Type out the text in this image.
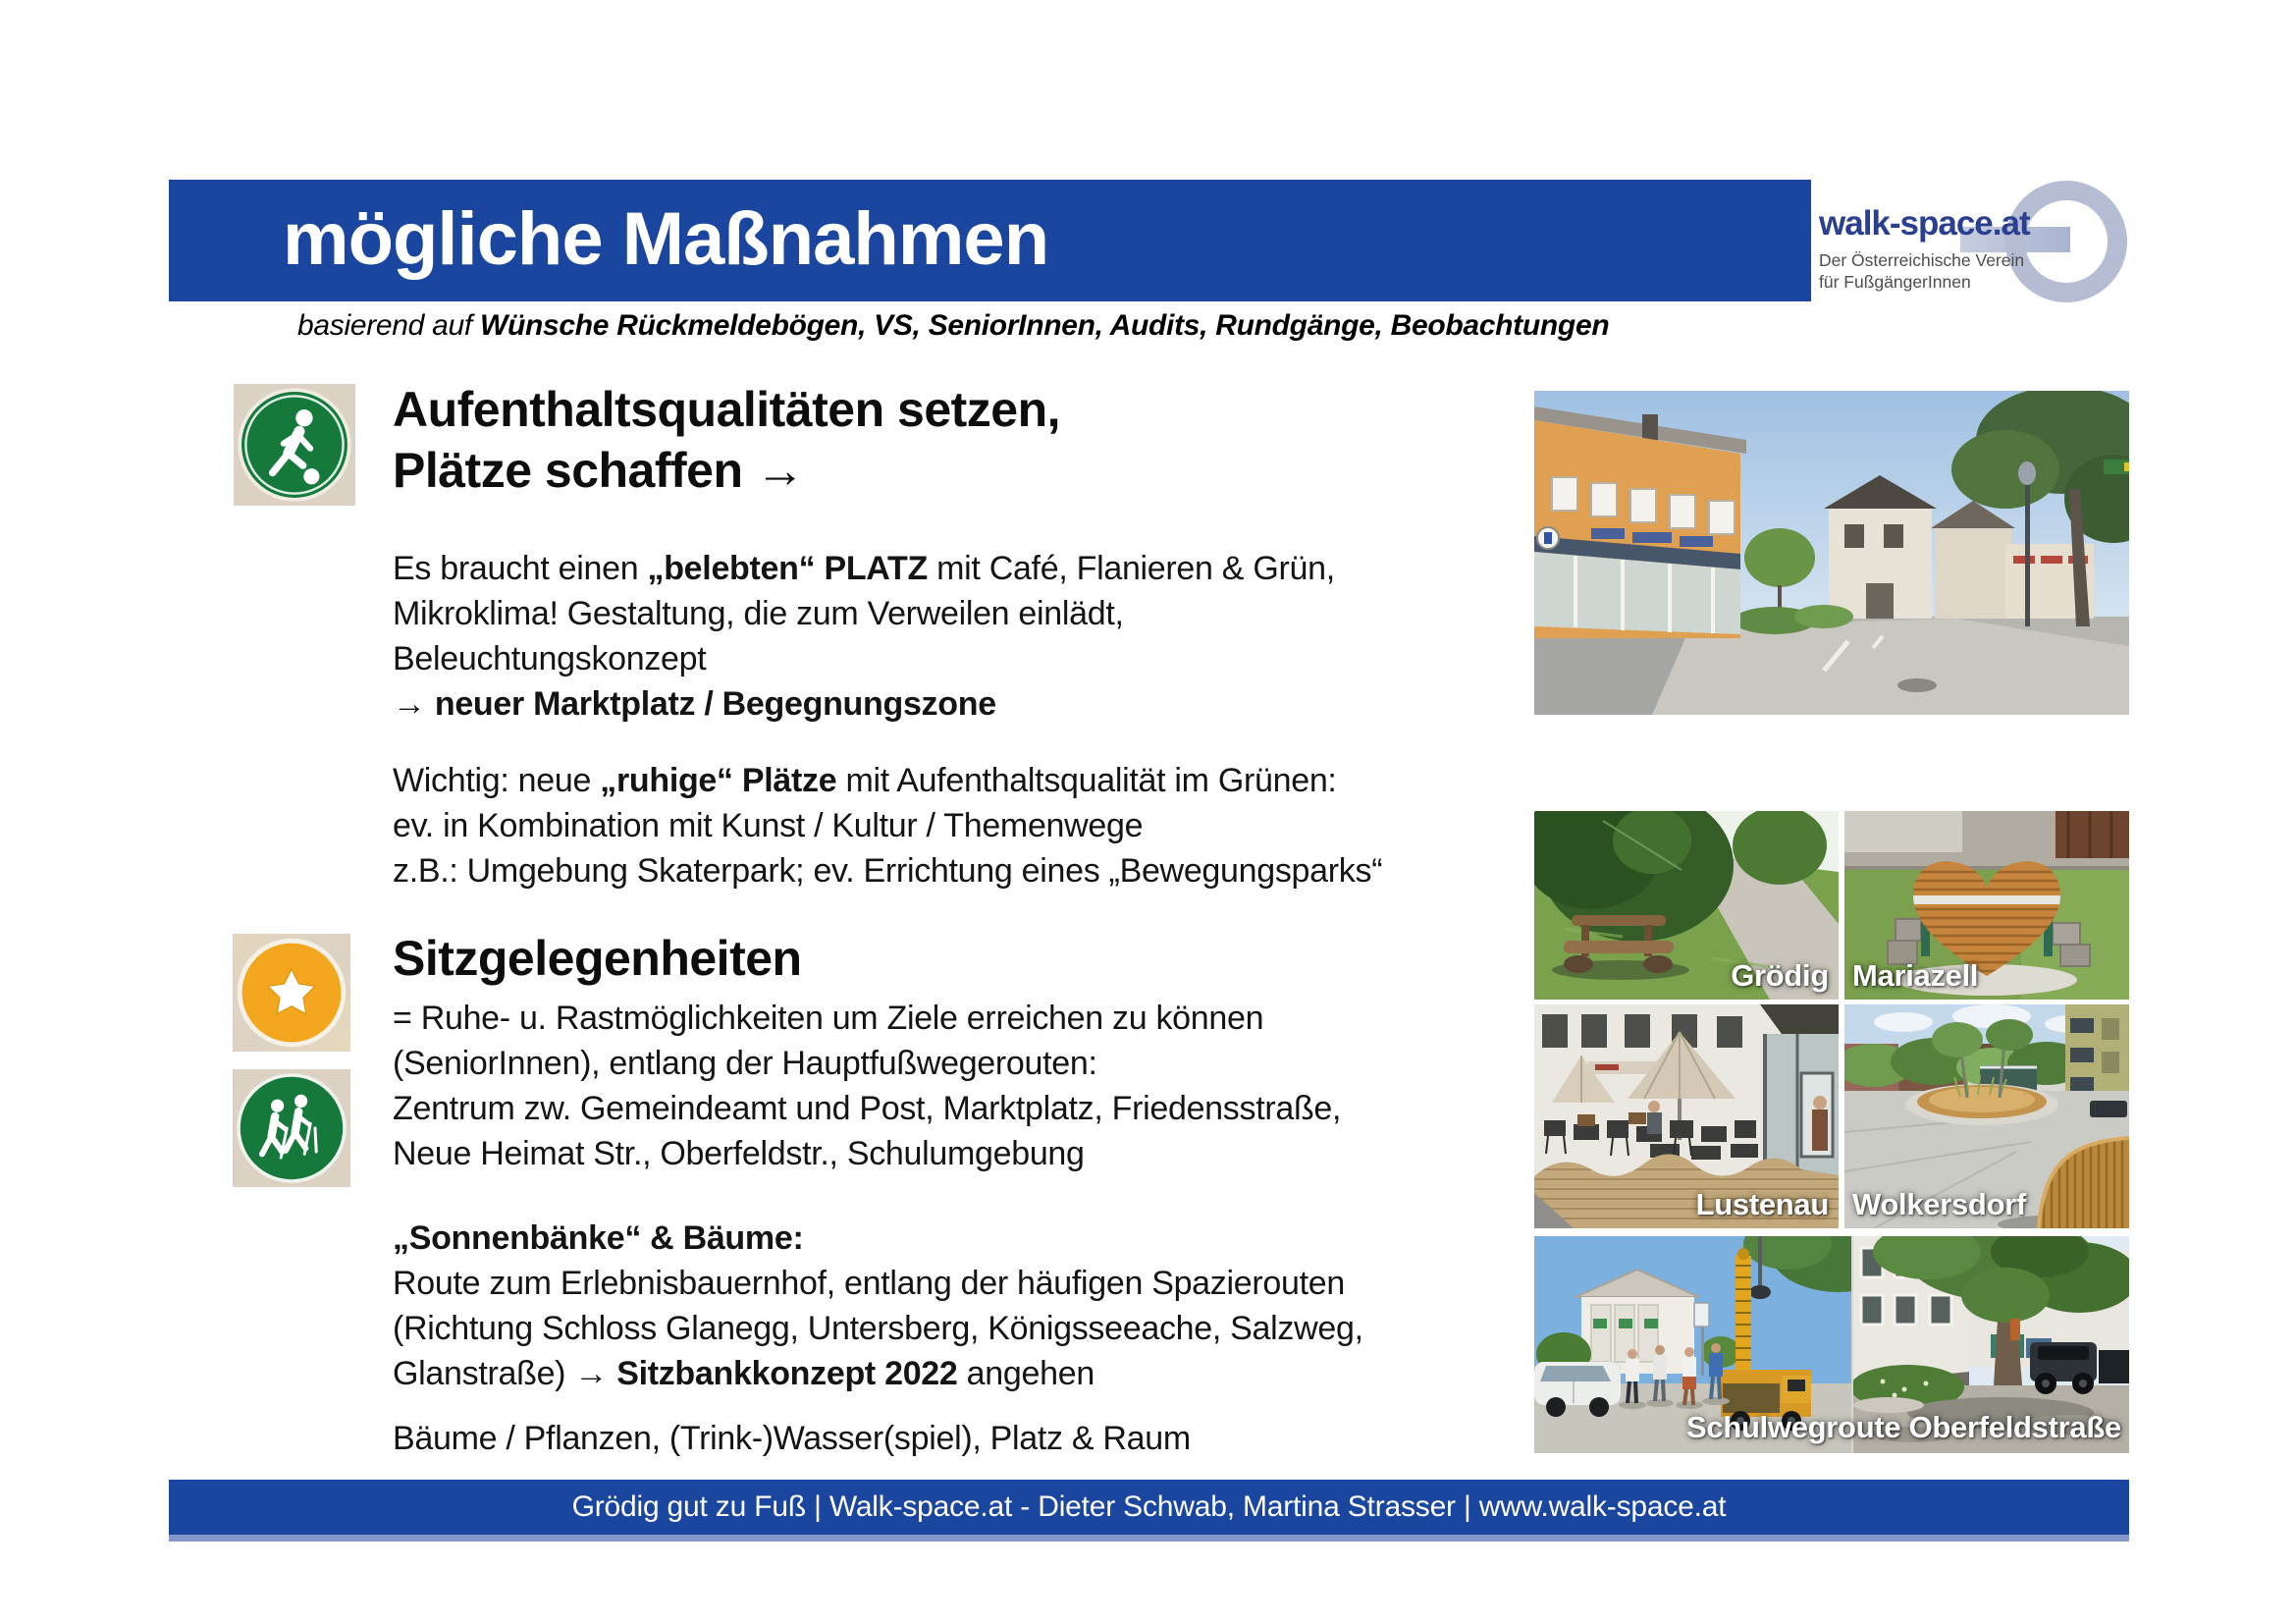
mögliche Maßnahmen	walk-space.at
Der Österreichische Verein
für FußgängerInnen
basierend auf Wünsche Rückmeldebögen, VS, SeniorInnen, Audits, Rundgänge, Beobachtungen
Aufenthaltsqualitäten setzen,
Plätze schaffen →
Es braucht einen „belebten“ PLATZ mit Café, Flanieren & Grün,
Mikroklima! Gestaltung, die zum Verweilen einlädt,
Beleuchtungskonzept
→ neuer Marktplatz / Begegnungszone
Wichtig: neue „ruhige“ Plätze mit Aufenthaltsqualität im Grünen:
ev. in Kombination mit Kunst / Kultur / Themenwege
z.B.: Umgebung Skaterpark; ev. Errichtung eines „Bewegungsparks“
Sitzgelegenheiten
= Ruhe- u. Rastmöglichkeiten um Ziele erreichen zu können
(SeniorInnen), entlang der Hauptfußwegerouten:
Zentrum zw. Gemeindeamt und Post, Marktplatz, Friedensstraße,
Neue Heimat Str., Oberfeldstr., Schulumgebung
„Sonnenbänke“ & Bäume:
Route zum Erlebnisbauernhof, entlang der häufigen Spazierouten
(Richtung Schloss Glanegg, Untersberg, Königsseeache, Salzweg,
Glanstraße) → Sitzbankkonzept 2022 angehen
Bäume / Pflanzen, (Trink-)Wasser(spiel), Platz & Raum
Grödig Mariazell
Lustenau Wolkersdorf
Schulwegroute Oberfeldstraße
Grödig gut zu Fuß | Walk-space.at - Dieter Schwab, Martina Strasser | www.walk-space.at
